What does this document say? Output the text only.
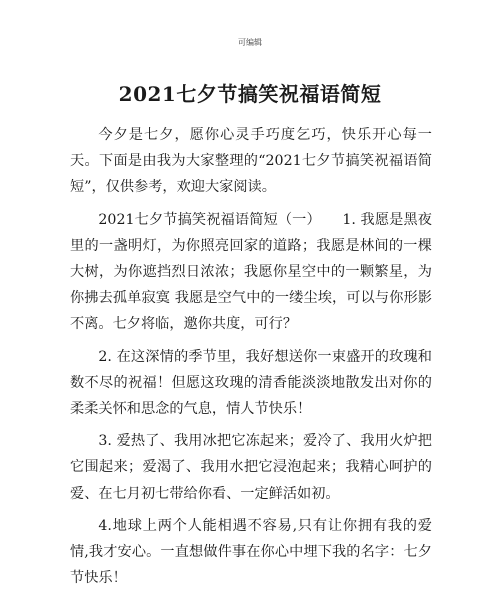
可编辑
2021七夕节搞笑祝福语简短

今夕是七夕，愿你心灵手巧度乞巧，快乐开心每一天。下面是由我为大家整理的“2021七夕节搞笑祝福语简短”，仅供参考，欢迎大家阅读。

2021七夕节搞笑祝福语简短（一）　　1. 我愿是黑夜里的一盏明灯，为你照亮回家的道路；我愿是林间的一棵大树，为你遮挡烈日浓浓；我愿你星空中的一颗繁星，为你拂去孤单寂寞 我愿是空气中的一缕尘埃，可以与你形影不离。七夕将临，邀你共度，可行？

2. 在这深情的季节里，我好想送你一束盛开的玫瑰和数不尽的祝福！但愿这玫瑰的清香能淡淡地散发出对你的柔柔关怀和思念的气息，情人节快乐！

3. 爱热了、我用冰把它冻起来；爱冷了、我用火炉把它围起来；爱渴了、我用水把它浸泡起来；我精心呵护的爱、在七月初七带给你看、一定鲜活如初。

4.地球上两个人能相遇不容易,只有让你拥有我的爱情,我才安心。一直想做件事在你心中埋下我的名字：七夕节快乐！
